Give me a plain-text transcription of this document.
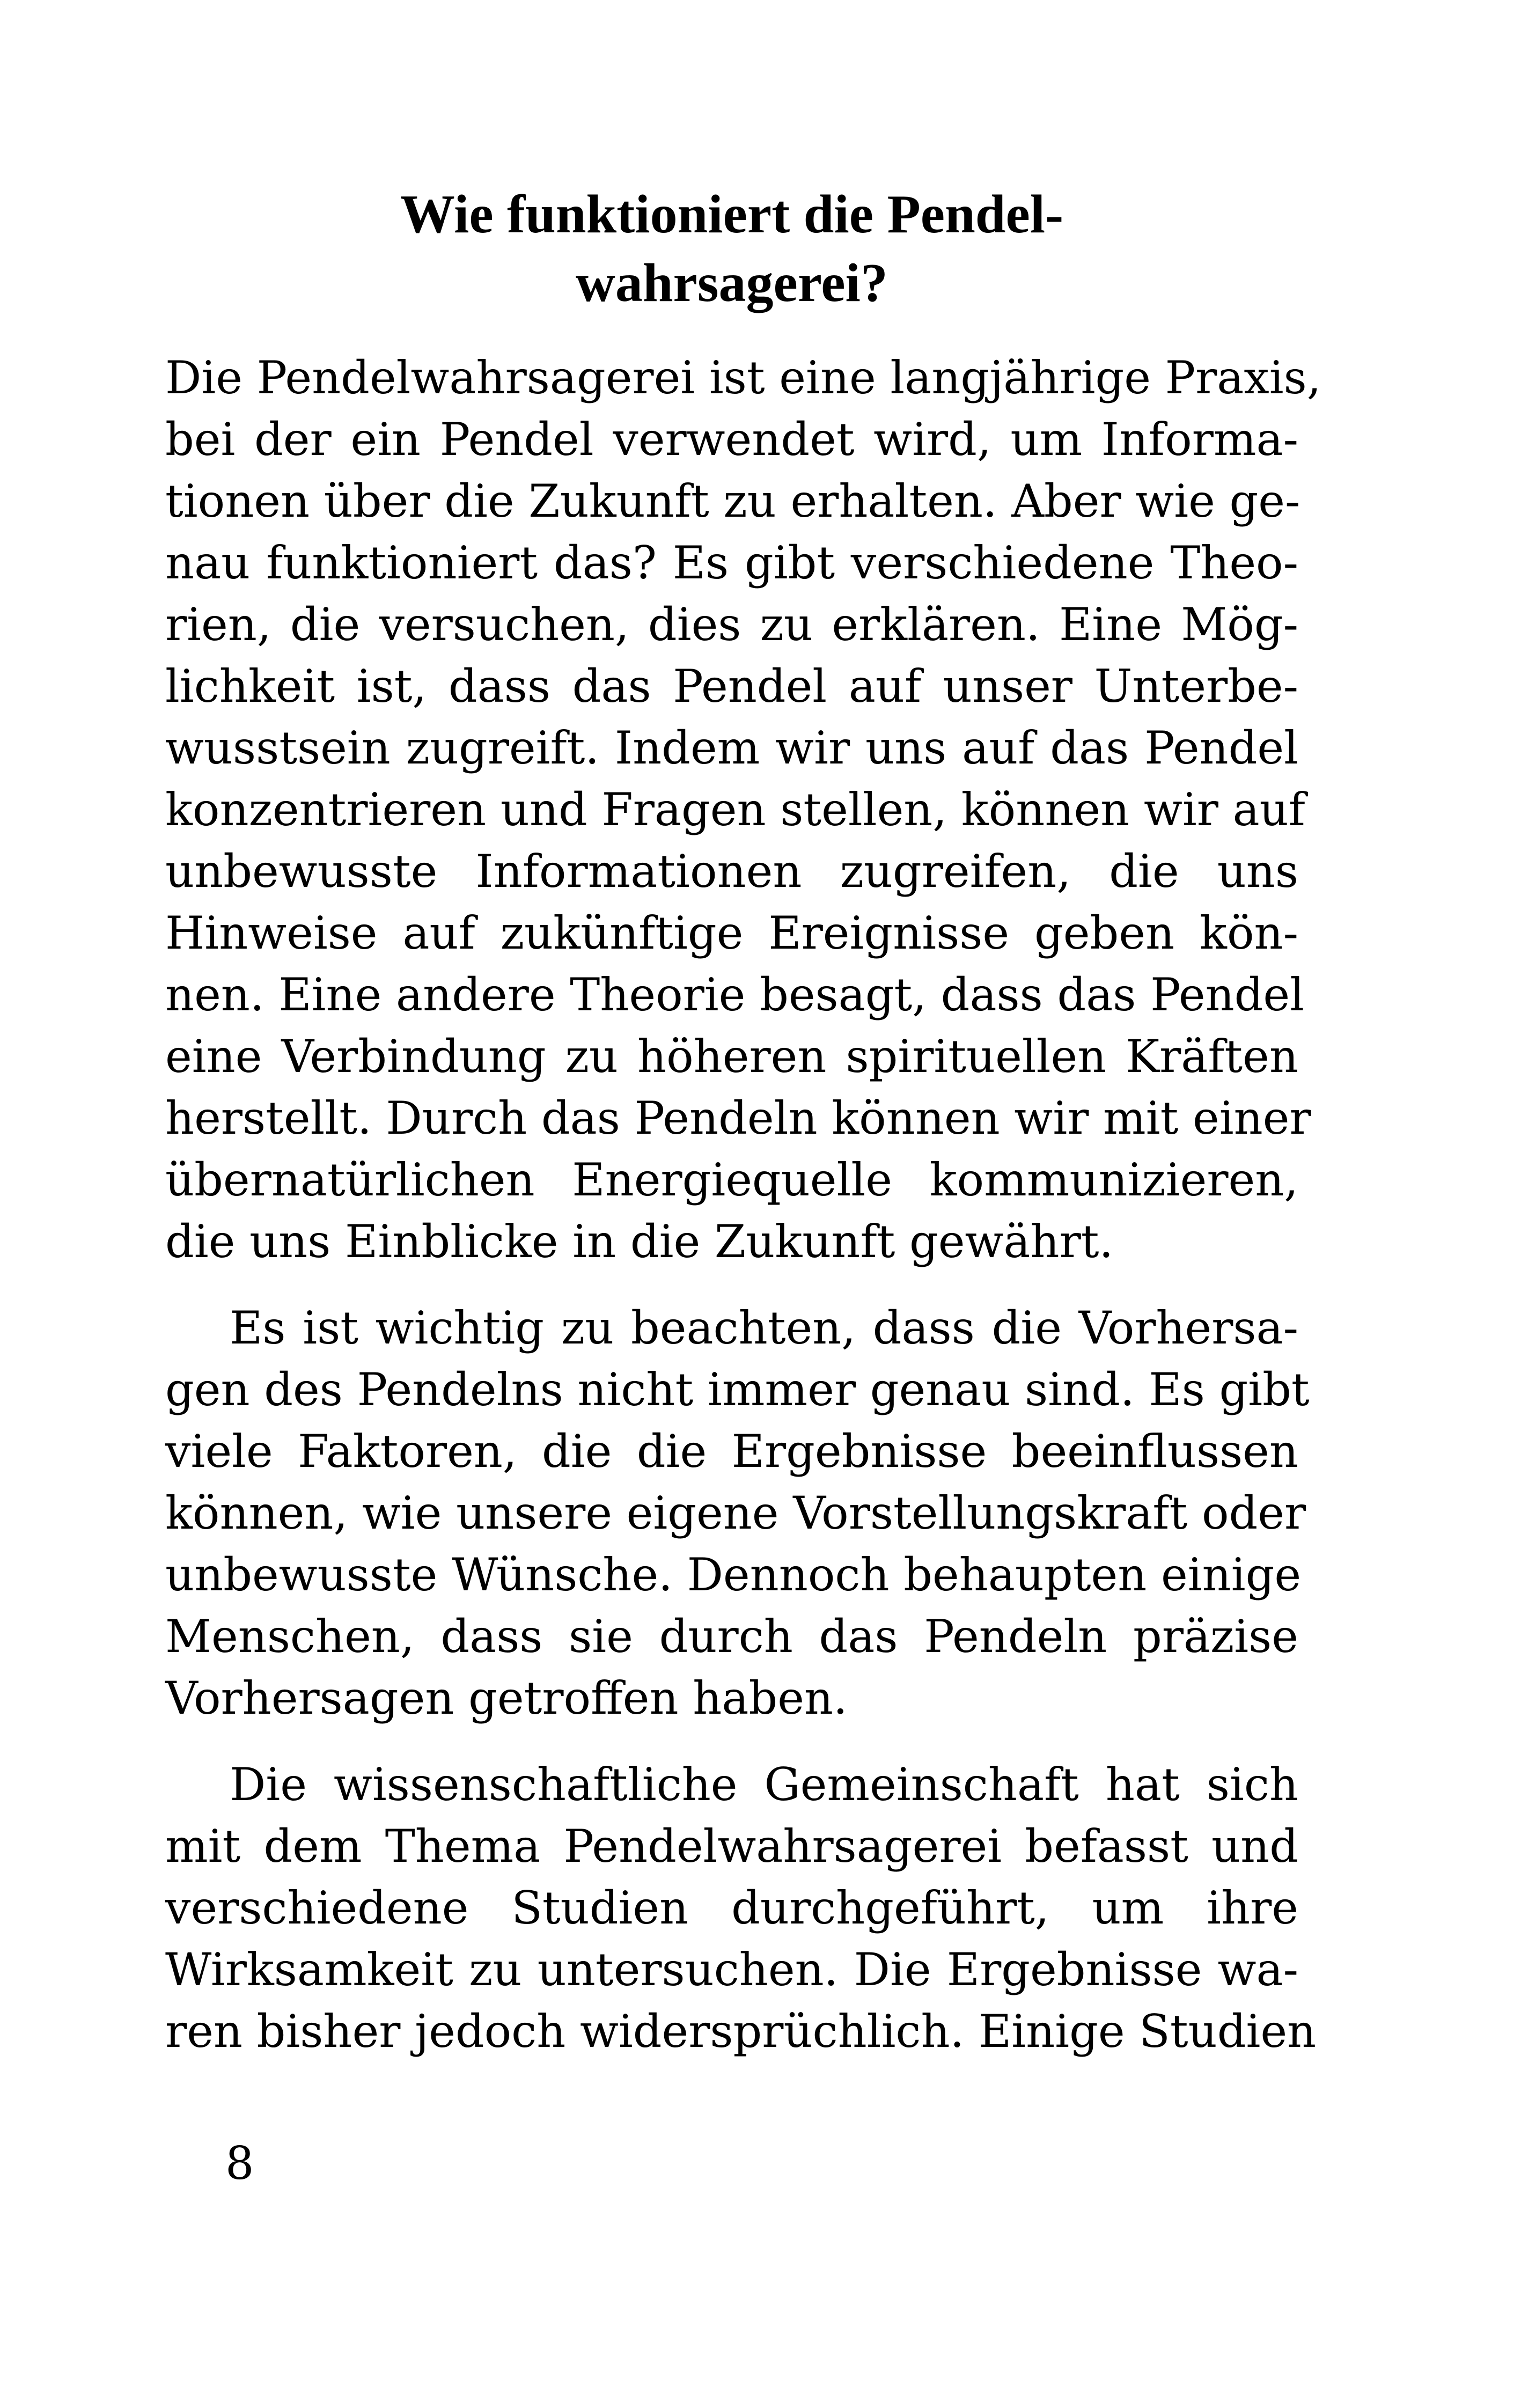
Wie funktioniert die Pendel-
wahrsagerei?
Die Pendelwahrsagerei ist eine langjährige Praxis,
bei der ein Pendel verwendet wird, um Informa-
tionen über die Zukunft zu erhalten. Aber wie ge-
nau funktioniert das? Es gibt verschiedene Theo-
rien, die versuchen, dies zu erklären. Eine Mög-
lichkeit ist, dass das Pendel auf unser Unterbe-
wusstsein zugreift. Indem wir uns auf das Pendel
konzentrieren und Fragen stellen, können wir auf
unbewusste Informationen zugreifen, die uns
Hinweise auf zukünftige Ereignisse geben kön-
nen. Eine andere Theorie besagt, dass das Pendel
eine Verbindung zu höheren spirituellen Kräften
herstellt. Durch das Pendeln können wir mit einer
übernatürlichen Energiequelle kommunizieren,
die uns Einblicke in die Zukunft gewährt.
Es ist wichtig zu beachten, dass die Vorhersa-
gen des Pendelns nicht immer genau sind. Es gibt
viele Faktoren, die die Ergebnisse beeinflussen
können, wie unsere eigene Vorstellungskraft oder
unbewusste Wünsche. Dennoch behaupten einige
Menschen, dass sie durch das Pendeln präzise
Vorhersagen getroffen haben.
Die wissenschaftliche Gemeinschaft hat sich
mit dem Thema Pendelwahrsagerei befasst und
verschiedene Studien durchgeführt, um ihre
Wirksamkeit zu untersuchen. Die Ergebnisse wa-
ren bisher jedoch widersprüchlich. Einige Studien
8
